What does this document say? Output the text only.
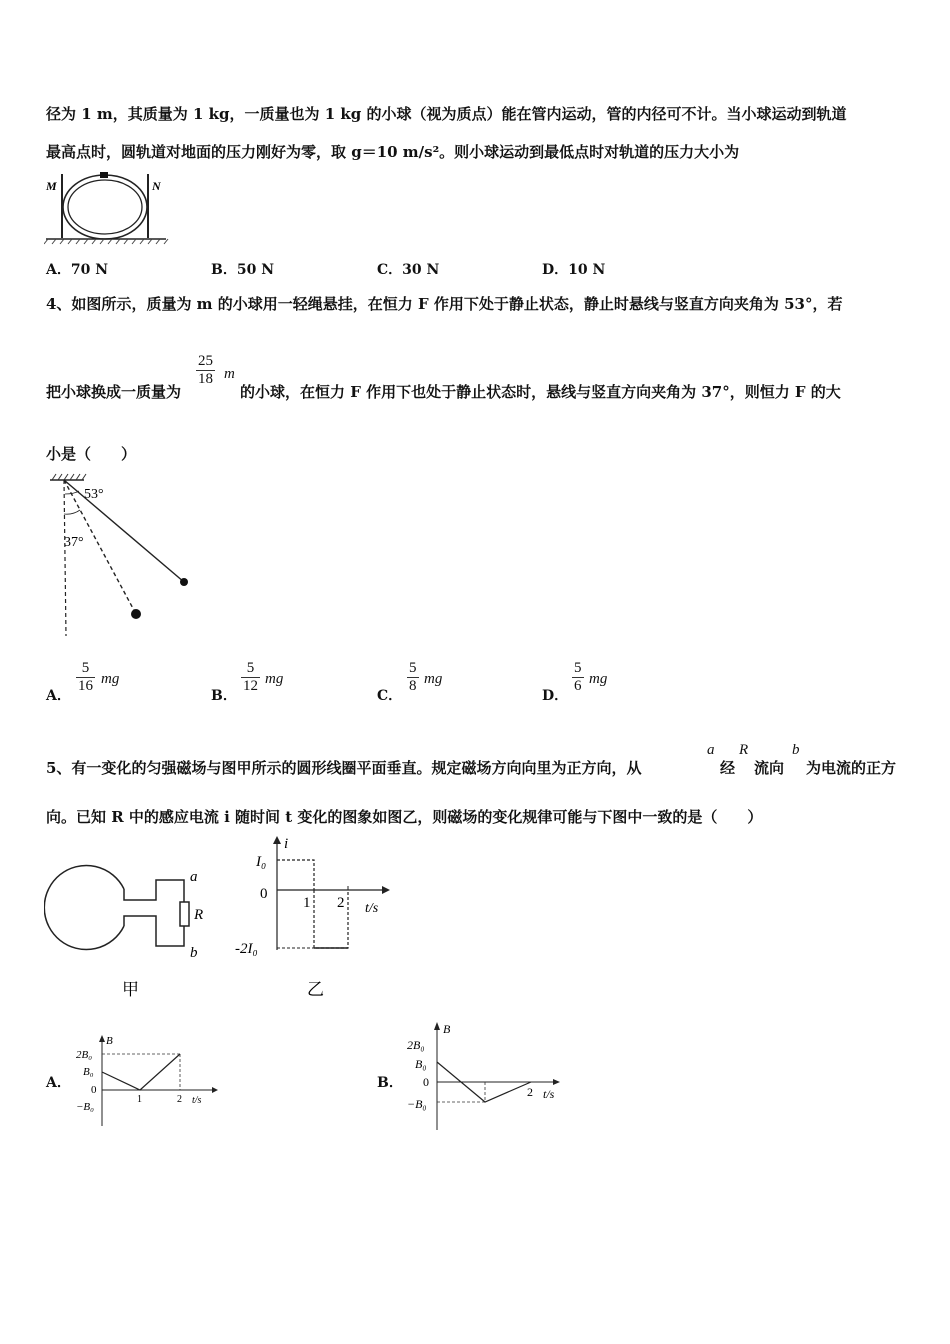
径为 1 m，其质量为 1 kg，一质量也为 1 kg 的小球（视为质点）能在管内运动，管的内径可不计。当小球运动到轨道
最高点时，圆轨道对地面的压力刚好为零，取 g＝10 m/s²。则小球运动到最低点时对轨道的压力大小为
M	N
A．70 N	B．50 N	C．30 N	D．10 N
4、如图所示，质量为 m 的小球用一轻绳悬挂，在恒力 F 作用下处于静止状态，静止时悬线与竖直方向夹角为 53°，若
把小球换成一质量为
$\frac{25}{18}$ m
的小球，在恒力 F 作用下也处于静止状态时，悬线与竖直方向夹角为 37°，则恒力 F 的大
小是（　　）
53°
37°
A．
$\frac{5}{16}$ mg
B．
$\frac{5}{12}$ mg
C．
$\frac{5}{8}$ mg
D．
$\frac{5}{6}$ mg
5、有一变化的匀强磁场与图甲所示的圆形线圈平面垂直。规定磁场方向向里为正方向，从
a
经
R
流向
b
为电流的正方
向。已知 R 中的感应电流 i 随时间 t 变化的图象如图乙，则磁场的变化规律可能与下图中一致的是（　　）
a
R
b
甲
i
I₀
0
-2I₀
1 2 t/s
乙
A．
B
2B₀
B₀
0
−B₀
1	2 t/s
B．
B
2B₀
B₀
0
−B₀
2 t/s
